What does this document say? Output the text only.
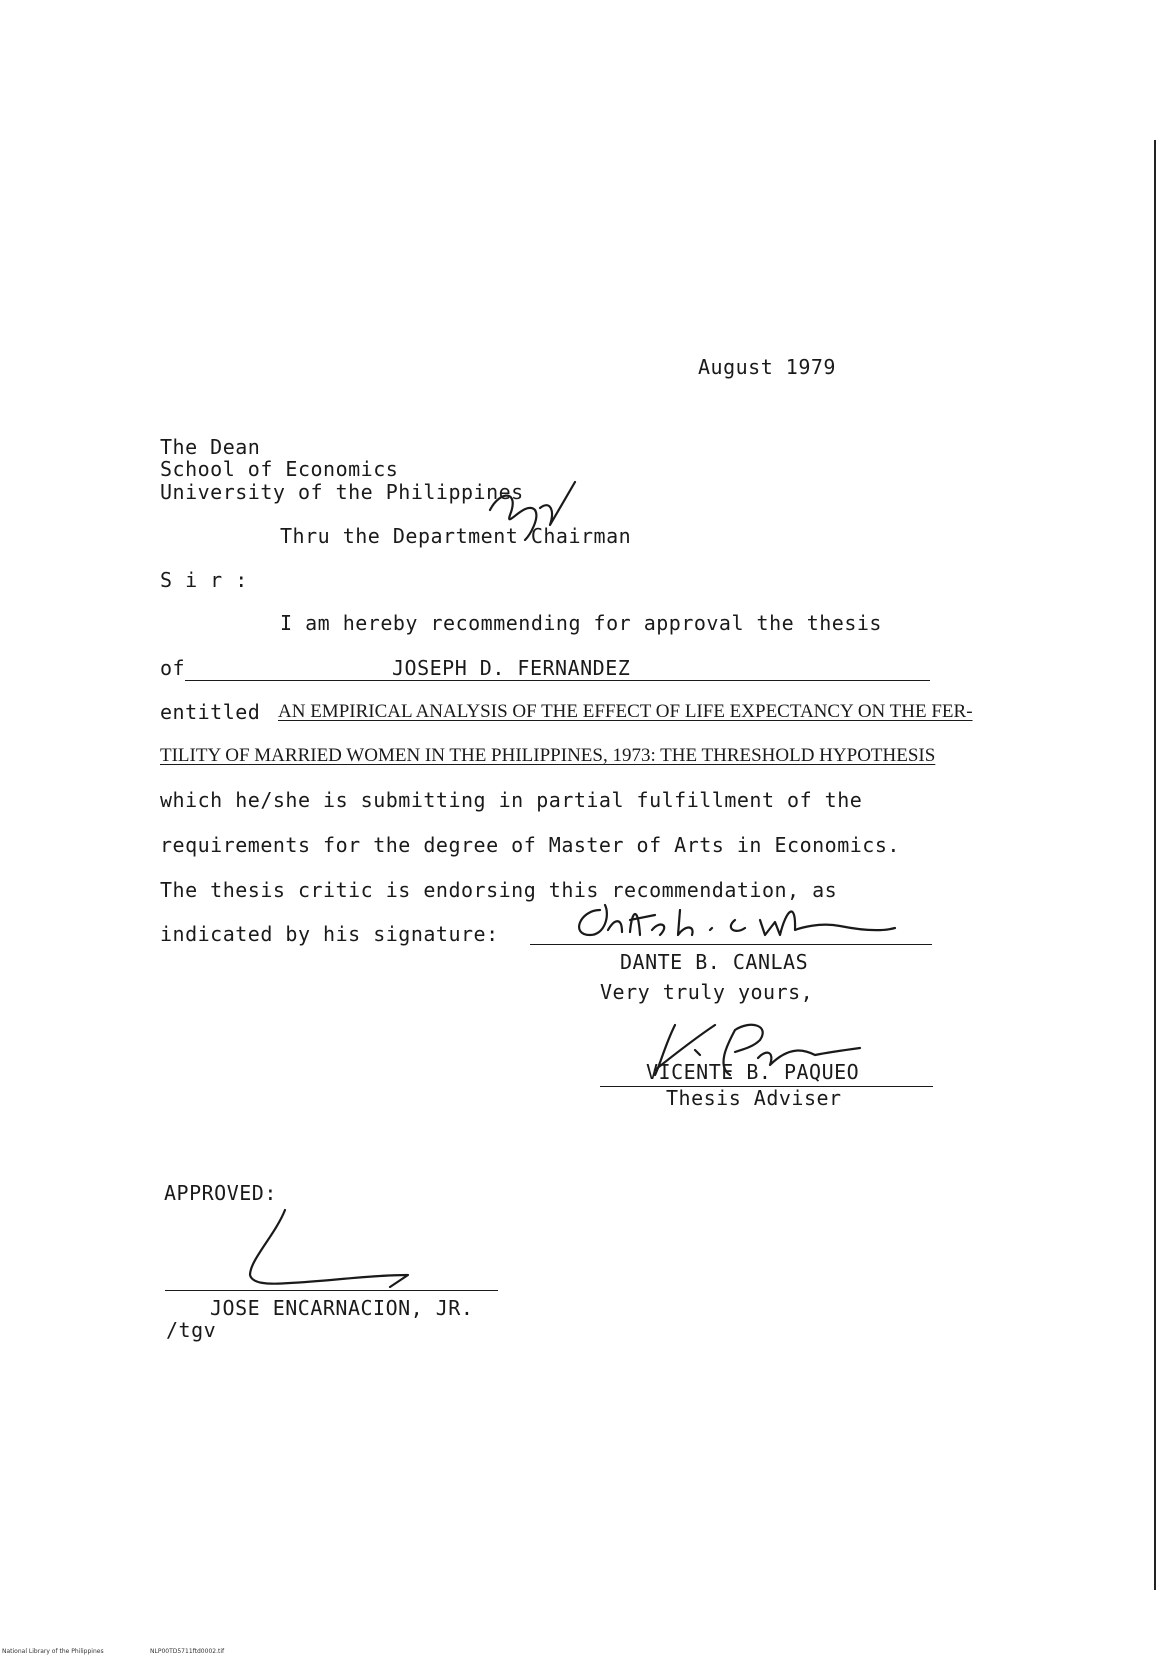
August 1979
The Dean
School of Economics
University of the Philippines
Thru the Department Chairman
S i r :
I am hereby recommending for approval the thesis
of	JOSEPH D. FERNANDEZ
entitled AN EMPIRICAL ANALYSIS OF THE EFFECT OF LIFE EXPECTANCY ON THE FER-
TILITY OF MARRIED WOMEN IN THE PHILIPPINES, 1973: THE THRESHOLD HYPOTHESIS
which he/she is submitting in partial fulfillment of the
requirements for the degree of Master of Arts in Economics.
The thesis critic is endorsing this recommendation, as
indicated by his signature:
DANTE B. CANLAS
Very truly yours,
VICENTE B. PAQUEO
Thesis Adviser
APPROVED:
JOSE ENCARNACION, JR.
/tgv
National Library of the Philippines	NLP00TD5711ftd0002.tif
